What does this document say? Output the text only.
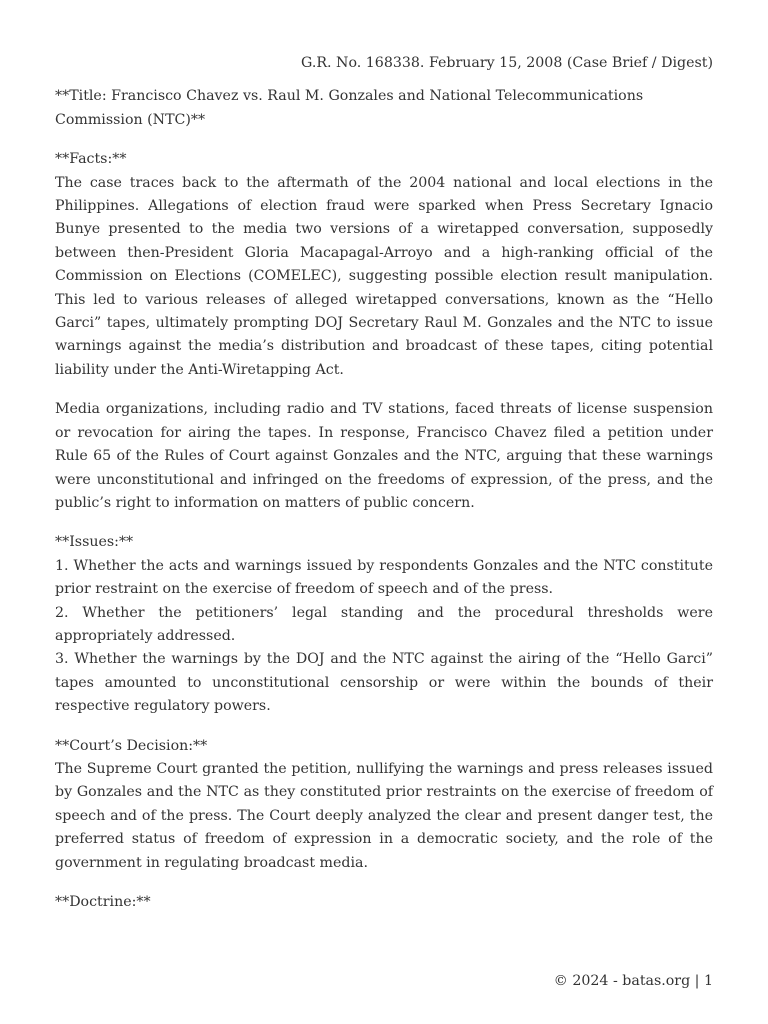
G.R. No. 168338. February 15, 2008 (Case Brief / Digest)
**Title: Francisco Chavez vs. Raul M. Gonzales and National Telecommunications Commission (NTC)**
**Facts:**
The case traces back to the aftermath of the 2004 national and local elections in the Philippines. Allegations of election fraud were sparked when Press Secretary Ignacio Bunye presented to the media two versions of a wiretapped conversation, supposedly between then-President Gloria Macapagal-Arroyo and a high-ranking official of the Commission on Elections (COMELEC), suggesting possible election result manipulation. This led to various releases of alleged wiretapped conversations, known as the “Hello Garci” tapes, ultimately prompting DOJ Secretary Raul M. Gonzales and the NTC to issue warnings against the media’s distribution and broadcast of these tapes, citing potential liability under the Anti-Wiretapping Act.
Media organizations, including radio and TV stations, faced threats of license suspension or revocation for airing the tapes. In response, Francisco Chavez filed a petition under Rule 65 of the Rules of Court against Gonzales and the NTC, arguing that these warnings were unconstitutional and infringed on the freedoms of expression, of the press, and the public’s right to information on matters of public concern.
**Issues:**
1. Whether the acts and warnings issued by respondents Gonzales and the NTC constitute prior restraint on the exercise of freedom of speech and of the press.
2. Whether the petitioners’ legal standing and the procedural thresholds were appropriately addressed.
3. Whether the warnings by the DOJ and the NTC against the airing of the “Hello Garci” tapes amounted to unconstitutional censorship or were within the bounds of their respective regulatory powers.
**Court’s Decision:**
The Supreme Court granted the petition, nullifying the warnings and press releases issued by Gonzales and the NTC as they constituted prior restraints on the exercise of freedom of speech and of the press. The Court deeply analyzed the clear and present danger test, the preferred status of freedom of expression in a democratic society, and the role of the government in regulating broadcast media.
**Doctrine:**
© 2024 - batas.org | 1
